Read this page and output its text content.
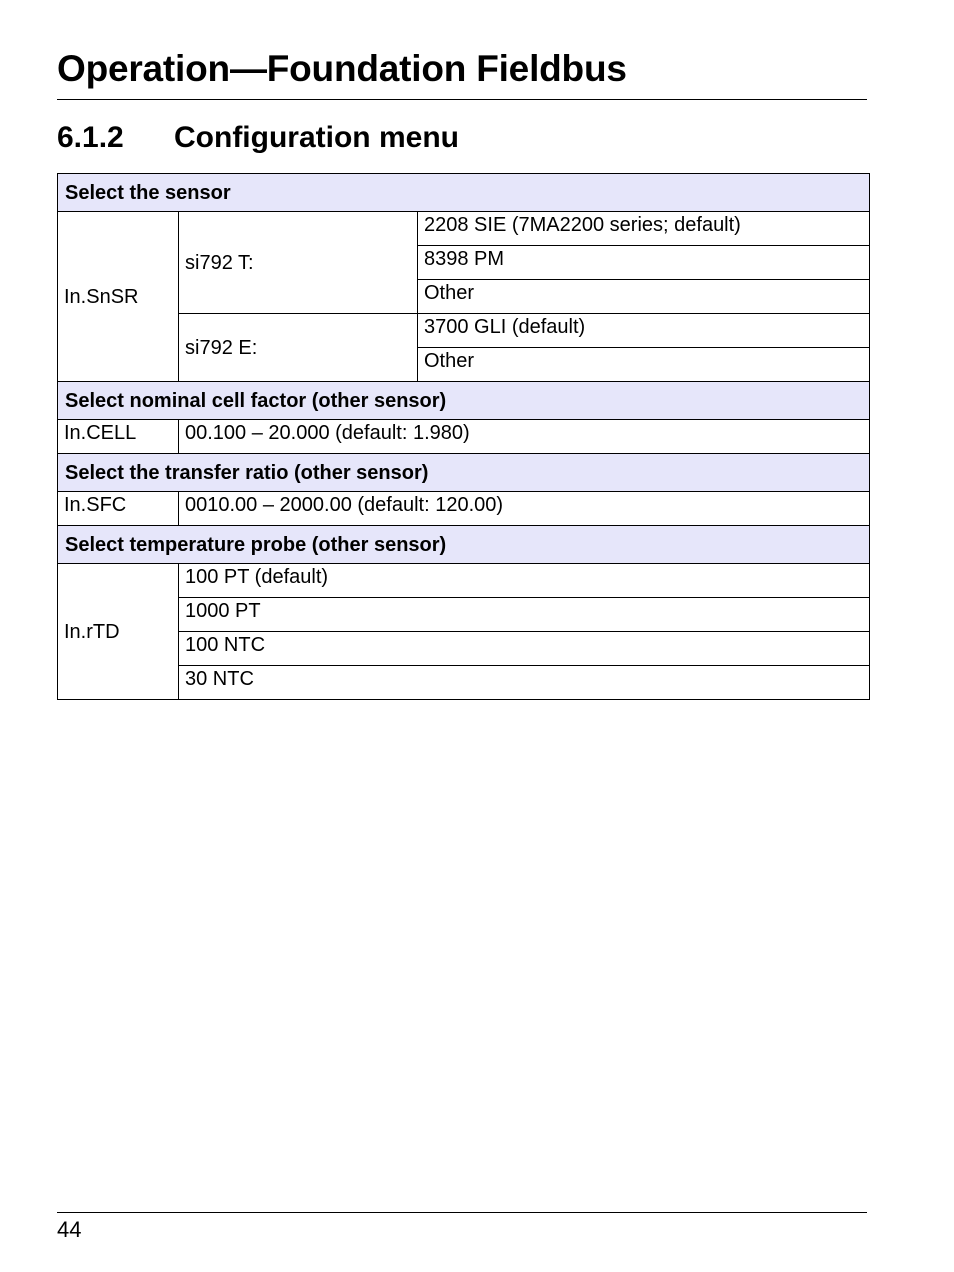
Operation—Foundation Fieldbus
6.1.2 Configuration menu
Select the sensor		
In.SnSR	si792 T:	2208 SIE (7MA2200 series; default)
		8398 PM
		Other
	si792 E:	3700 GLI (default)
		Other
Select nominal cell factor (other sensor)		
In.CELL	00.100 – 20.000 (default: 1.980)	
Select the transfer ratio (other sensor)		
In.SFC	0010.00 – 2000.00 (default: 120.00)	
Select temperature probe (other sensor)		
In.rTD	100 PT (default)	
	1000 PT	
	100 NTC	
	30 NTC	
44
